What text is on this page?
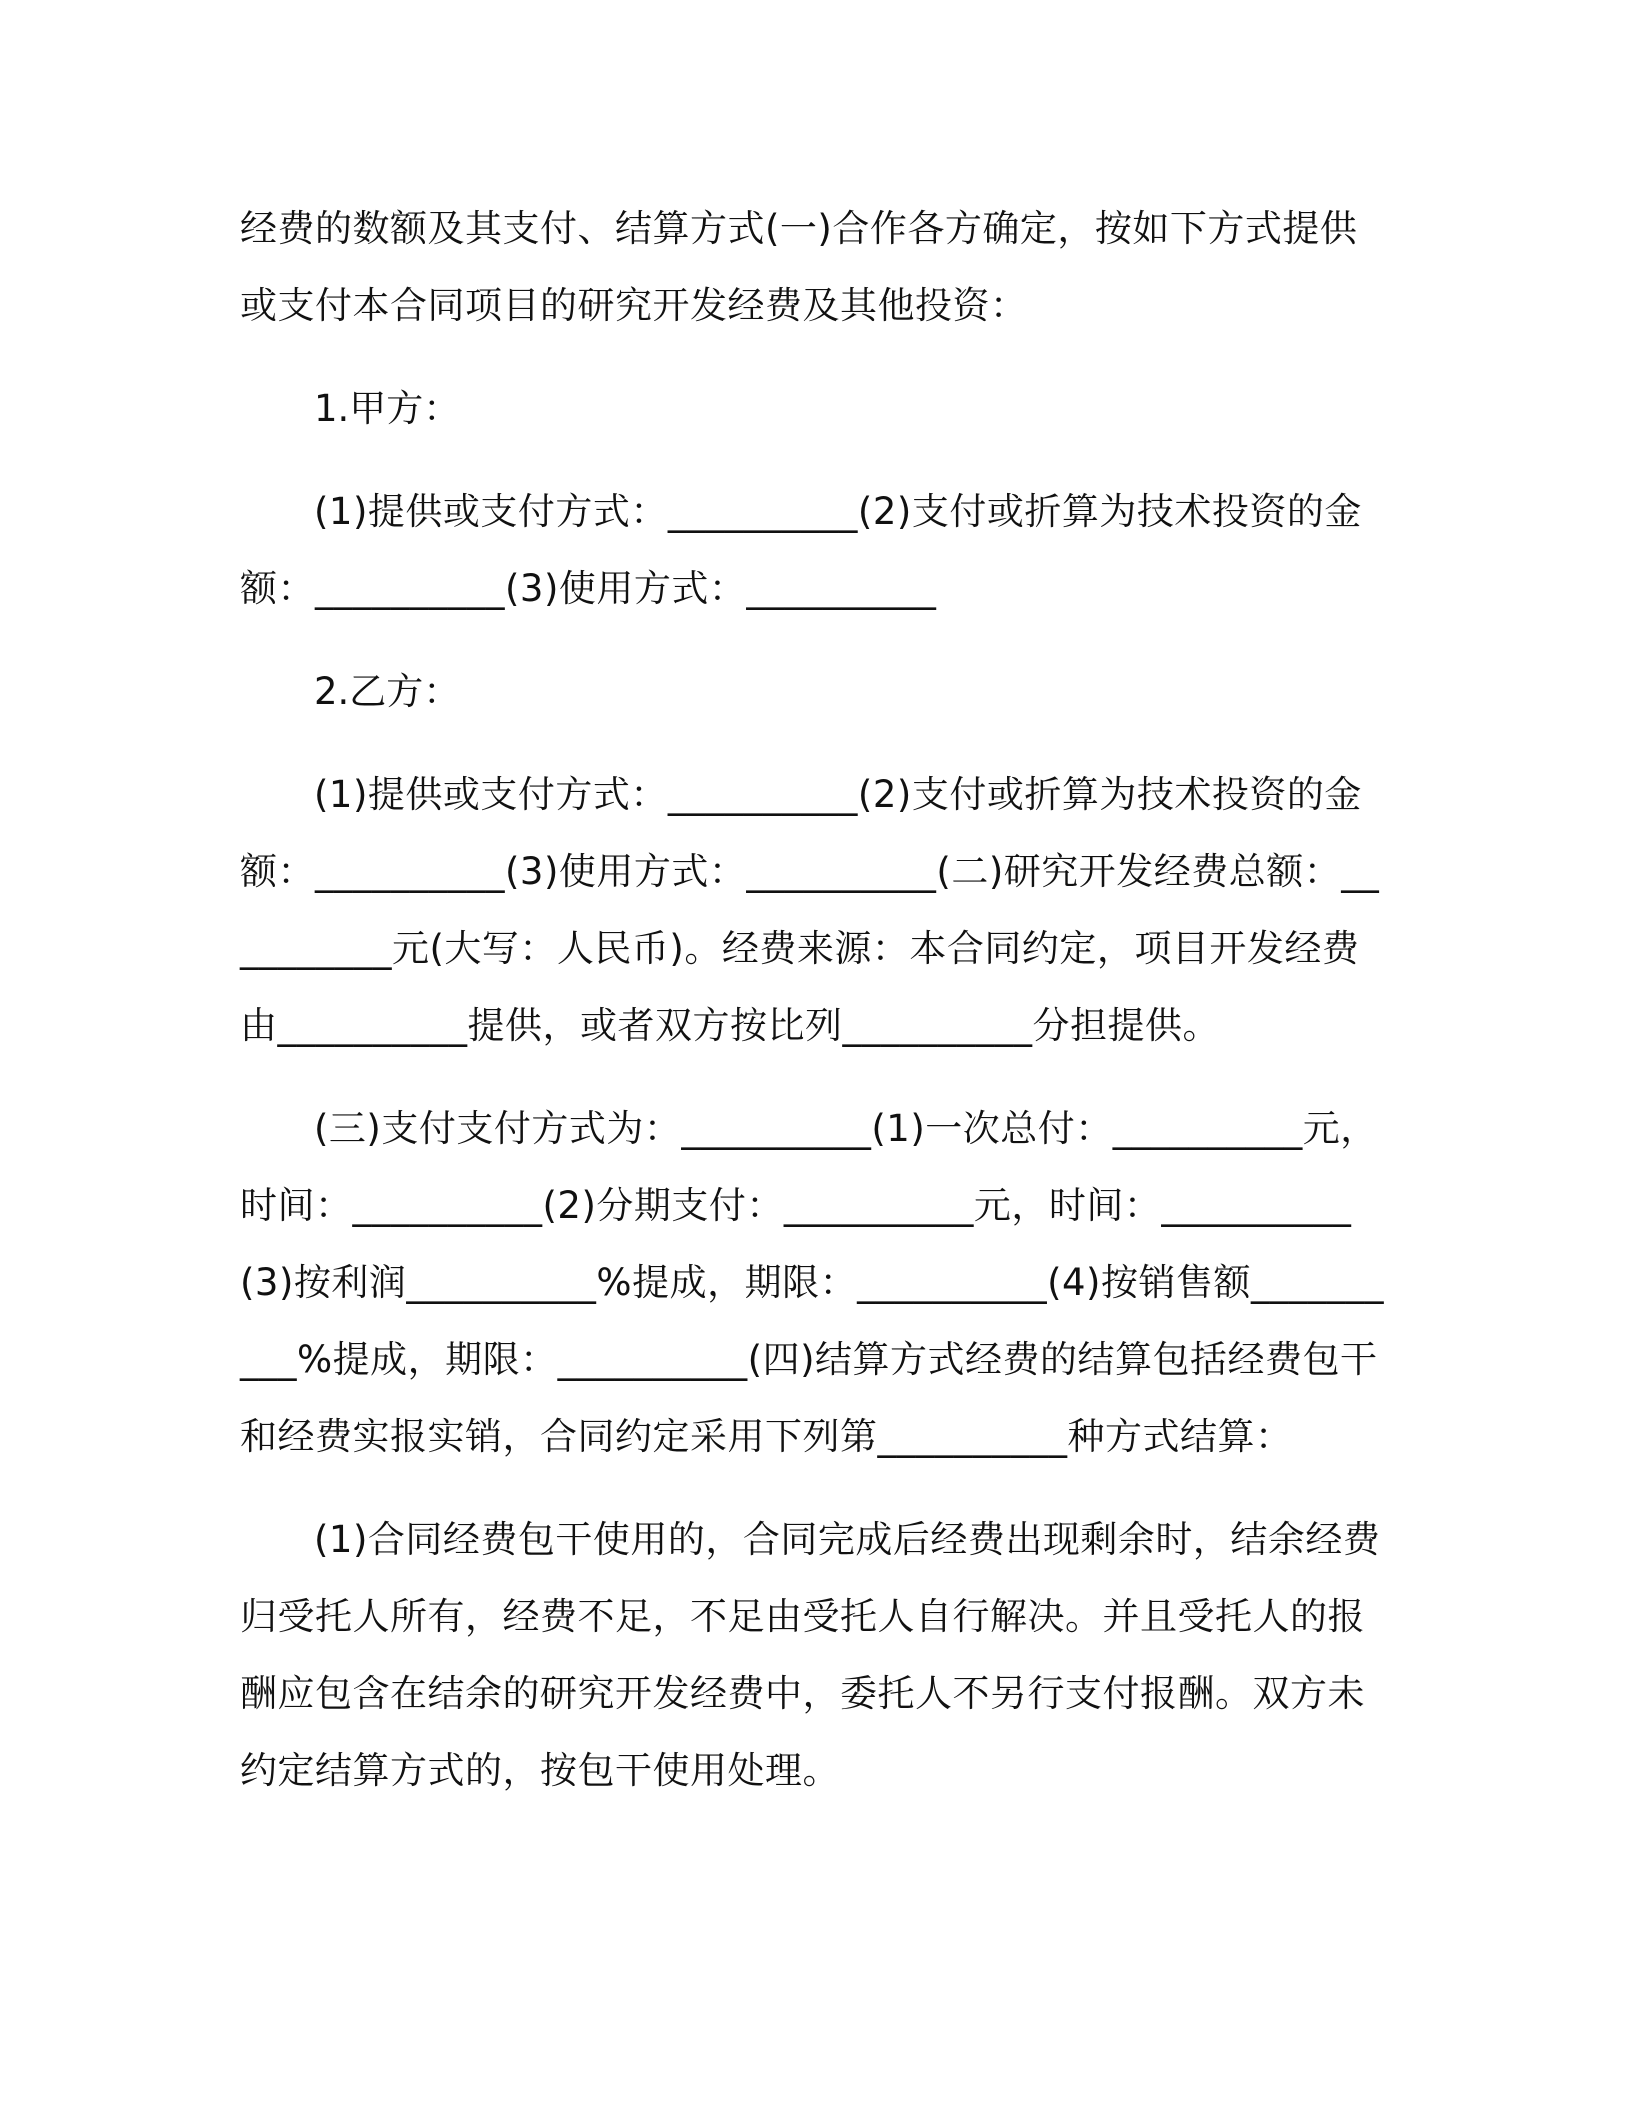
经费的数额及其支付、结算方式(一)合作各方确定，按如下方式提供或支付本合同项目的研究开发经费及其他投资：

1.甲方：

(1)提供或支付方式：__________(2)支付或折算为技术投资的金额：__________(3)使用方式：__________

2.乙方：

(1)提供或支付方式：__________(2)支付或折算为技术投资的金额：__________(3)使用方式：__________(二)研究开发经费总额：__________元(大写：人民币)。经费来源：本合同约定，项目开发经费由__________提供，或者双方按比列__________分担提供。

(三)支付支付方式为：__________(1)一次总付：__________元，时间：__________(2)分期支付：__________元，时间：__________(3)按利润__________%提成，期限：__________(4)按销售额__________%提成，期限：__________(四)结算方式经费的结算包括经费包干和经费实报实销，合同约定采用下列第__________种方式结算：

(1)合同经费包干使用的，合同完成后经费出现剩余时，结余经费归受托人所有，经费不足，不足由受托人自行解决。并且受托人的报酬应包含在结余的研究开发经费中，委托人不另行支付报酬。双方未约定结算方式的，按包干使用处理。
